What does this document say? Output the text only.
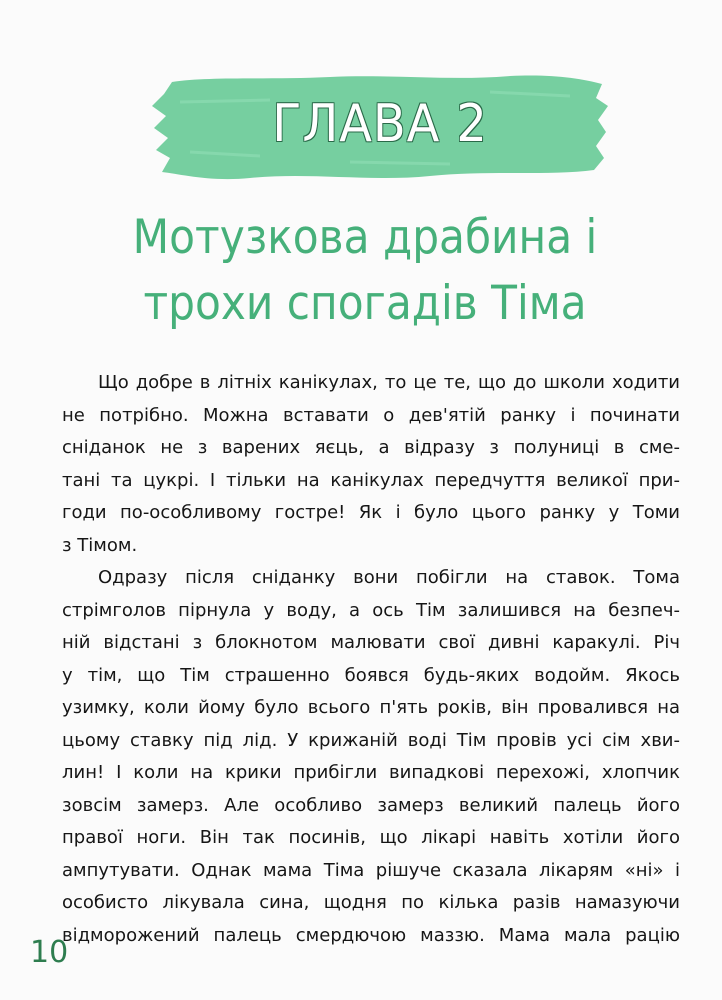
ГЛАВА 2
Мотузкова драбина і
трохи спогадів Тіма
Що добре в літніх канікулах, то це те, що до школи ходити
не потрібно. Можна вставати о дев'ятій ранку і починати
сніданок не з варених яєць, а відразу з полуниці в сме-
тані та цукрі. І тільки на канікулах передчуття великої при-
годи по-особливому гостре! Як і було цього ранку у Томи
з Тімом.
Одразу після сніданку вони побігли на ставок. Тома
стрімголов пірнула у воду, а ось Тім залишився на безпеч-
ній відстані з блокнотом малювати свої дивні каракулі. Річ
у тім, що Тім страшенно боявся будь-яких водойм. Якось
узимку, коли йому було всього п'ять років, він провалився на
цьому ставку під лід. У крижаній воді Тім провів усі сім хви-
лин! І коли на крики прибігли випадкові перехожі, хлопчик
зовсім замерз. Але особливо замерз великий палець його
правої ноги. Він так посинів, що лікарі навіть хотіли його
ампутувати. Однак мама Тіма рішуче сказала лікарям «ні» і
особисто лікувала сина, щодня по кілька разів намазуючи
відморожений палець смердючою маззю. Мама мала рацію
10
